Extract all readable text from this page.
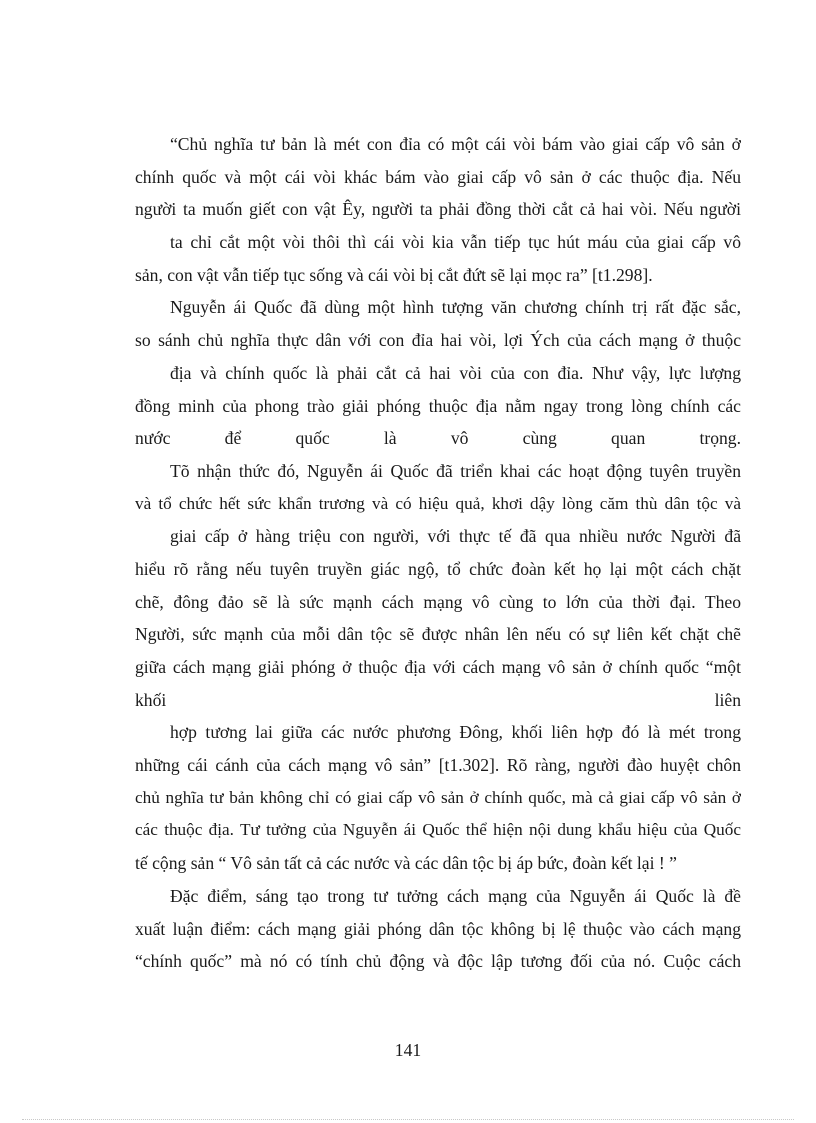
“Chủ nghĩa tư bản là mét con đỉa có một cái vòi bám vào giai cấp vô sản ở
chính quốc và một cái vòi khác bám vào giai cấp vô sản ở các thuộc địa. Nếu
người ta muốn giết con vật Êy, người ta phải đồng thời cắt cả hai vòi. Nếu người
ta chỉ cắt một vòi thôi thì cái vòi kia vẫn tiếp tục hút máu của giai cấp vô
sản, con vật vẫn tiếp tục sống và cái vòi bị cắt đứt sẽ lại mọc ra” [t1.298].
Nguyễn ái Quốc đã dùng một hình tượng văn chương chính trị rất đặc sắc,
so sánh chủ nghĩa thực dân với con đỉa hai vòi, lợi Ých của cách mạng ở thuộc
địa và chính quốc là phải cắt cả hai vòi của con đỉa. Như vậy, lực lượng
đồng minh của phong trào giải phóng thuộc địa nằm ngay trong lòng chính các
nước để quốc là vô cùng quan trọng.
Tõ nhận thức đó, Nguyễn ái Quốc đã triển khai các hoạt động tuyên truyền
và tổ chức hết sức khẩn trương và có hiệu quả, khơi dậy lòng căm thù dân tộc và
giai cấp ở hàng triệu con người, với thực tế đã qua nhiều nước Người đã
hiểu rõ rằng nếu tuyên truyền giác ngộ, tổ chức đoàn kết họ lại một cách chặt
chẽ, đông đảo sẽ là sức mạnh cách mạng vô cùng to lớn của thời đại. Theo
Người, sức mạnh của mỗi dân tộc sẽ được nhân lên nếu có sự liên kết chặt chẽ
giữa cách mạng giải phóng ở thuộc địa với cách mạng vô sản ở chính quốc “một
khối liên
hợp tương lai giữa các nước phương Đông, khối liên hợp đó là mét trong
những cái cánh của cách mạng vô sản” [t1.302]. Rõ ràng, người đào huyệt chôn
chủ nghĩa tư bản không chỉ có giai cấp vô sản ở chính quốc, mà cả giai cấp vô sản ở
các thuộc địa. Tư tưởng của Nguyễn ái Quốc thể hiện nội dung khẩu hiệu của Quốc
tế cộng sản “ Vô sản tất cả các nước và các dân tộc bị áp bức, đoàn kết lại ! ”
Đặc điểm, sáng tạo trong tư tưởng cách mạng của Nguyễn ái Quốc là đề
xuất luận điểm: cách mạng giải phóng dân tộc không bị lệ thuộc vào cách mạng
“chính quốc” mà nó có tính chủ động và độc lập tương đối của nó. Cuộc cách
141
